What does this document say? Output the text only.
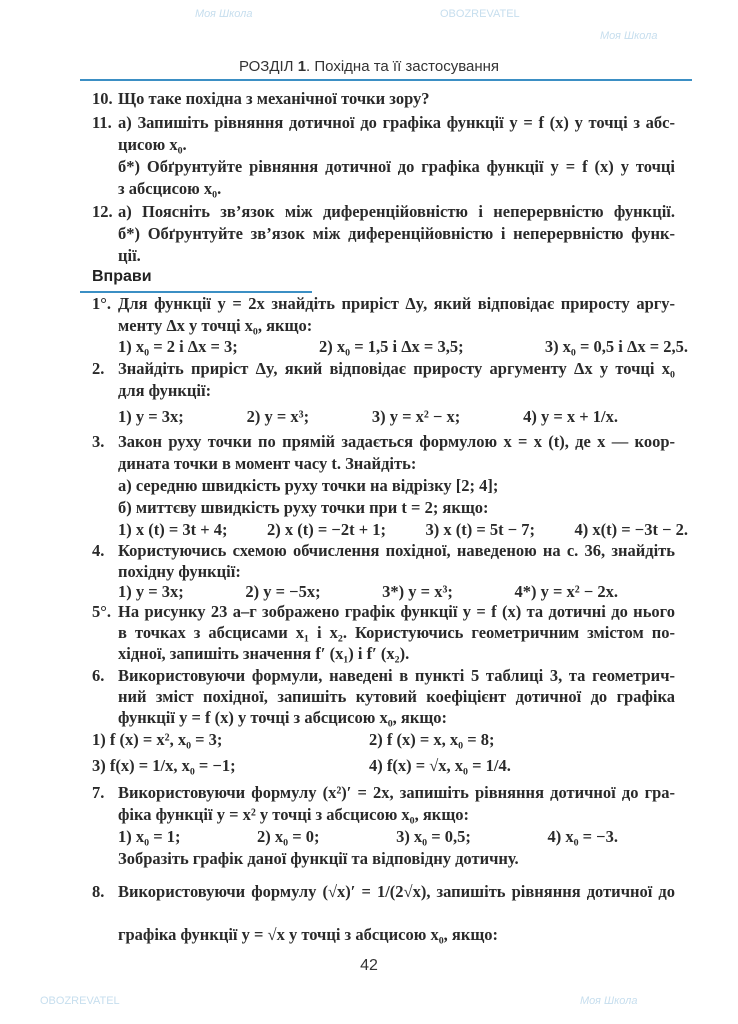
Моя Школа	OBOZREVATEL
Моя Школа
OBOZREVATEL	Моя Школа
РОЗДІЛ 1. Похідна та її застосування
10. Що таке похідна з механічної точки зору?
11. а) Запишіть рівняння дотичної до графіка функції y = f (x) у точці з абс-
цисою x₀.
б*) Обґрунтуйте рівняння дотичної до графіка функції y = f (x) у точці
з абсцисою x₀.
12. а) Поясніть зв’язок між диференційовністю і неперервністю функції.
б*) Обґрунтуйте зв’язок між диференційовністю і неперервністю функ-
ції.
Вправи
1°. Для функції y = 2x знайдіть приріст Δy, який відповідає приросту аргу-
менту Δx у точці x₀, якщо:
1) x₀ = 2 і Δx = 3;	2) x₀ = 1,5 і Δx = 3,5;	3) x₀ = 0,5 і Δx = 2,5.
2. Знайдіть приріст Δy, який відповідає приросту аргументу Δx у точці x₀
для функції:
1) y = 3x;	2) y = x³;	3) y = x² − x;	4) y = x + 1/x.
3. Закон руху точки по прямій задається формулою x = x (t), де x — коор-
дината точки в момент часу t. Знайдіть:
а) середню швидкість руху точки на відрізку [2; 4];
б) миттєву швидкість руху точки при t = 2; якщо:
1) x (t) = 3t + 4; 2) x (t) = −2t + 1; 3) x (t) = 5t − 7; 4) x(t) = −3t − 2.
4. Користуючись схемою обчислення похідної, наведеною на с. 36, знайдіть
похідну функції:
1) y = 3x;	2) y = −5x;	3*) y = x³;	4*) y = x² − 2x.
5°. На рисунку 23 а–г зображено графік функції y = f (x) та дотичні до нього
в точках з абсцисами x₁ і x₂. Користуючись геометричним змістом по-
хідної, запишіть значення f′ (x₁) і f′ (x₂).
6. Використовуючи формули, наведені в пункті 5 таблиці 3, та геометрич-
ний зміст похідної, запишіть кутовий коефіцієнт дотичної до графіка
функції y = f (x) у точці з абсцисою x₀, якщо:
1) f (x) = x², x₀ = 3;	2) f (x) = x, x₀ = 8;
3) f(x) = 1/x, x₀ = −1;	4) f(x) = √x, x₀ = 1/4.
7. Використовуючи формулу (x²)′ = 2x, запишіть рівняння дотичної до гра-
фіка функції y = x² у точці з абсцисою x₀, якщо:
1) x₀ = 1;	2) x₀ = 0;	3) x₀ = 0,5;	4) x₀ = −3.
Зобразіть графік даної функції та відповідну дотичну.
8. Використовуючи формулу (√x)′ = 1/(2√x), запишіть рівняння дотичної до
графіка функції y = √x у точці з абсцисою x₀, якщо:
42
